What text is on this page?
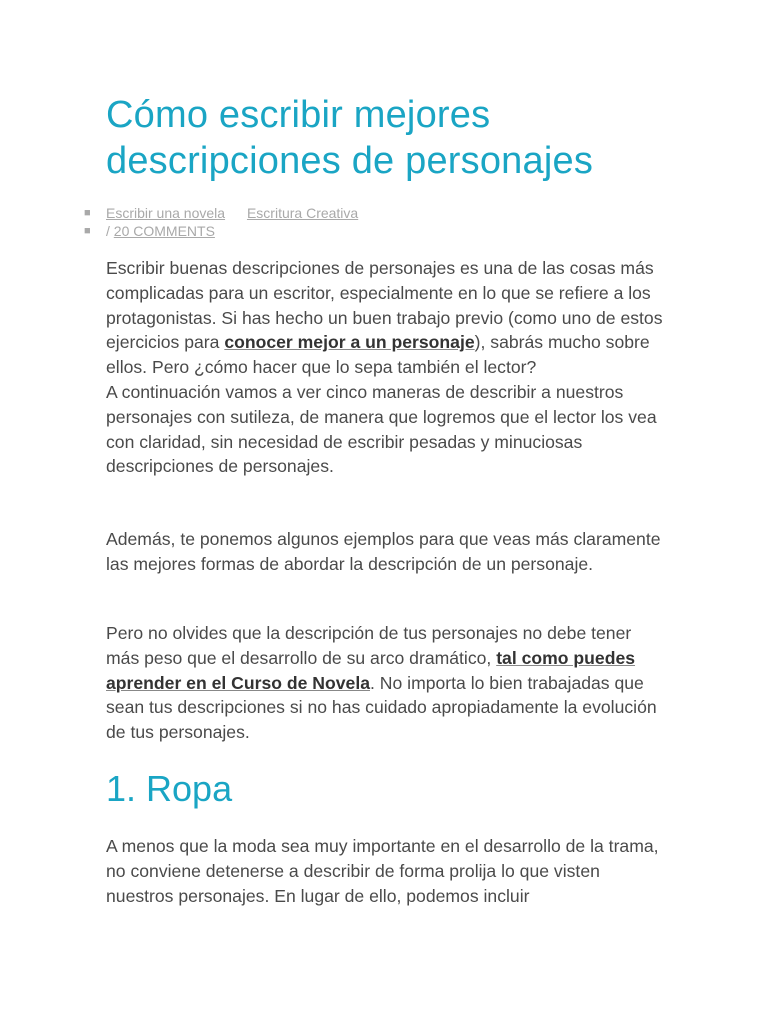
Cómo escribir mejores descripciones de personajes
■ Escribir una novela Escritura Creativa
■ / 20 COMMENTS

Escribir buenas descripciones de personajes es una de las cosas más complicadas para un escritor, especialmente en lo que se refiere a los protagonistas. Si has hecho un buen trabajo previo (como uno de estos ejercicios para conocer mejor a un personaje), sabrás mucho sobre ellos. Pero ¿cómo hacer que lo sepa también el lector?
A continuación vamos a ver cinco maneras de describir a nuestros personajes con sutileza, de manera que logremos que el lector los vea con claridad, sin necesidad de escribir pesadas y minuciosas descripciones de personajes.

Además, te ponemos algunos ejemplos para que veas más claramente las mejores formas de abordar la descripción de un personaje.

Pero no olvides que la descripción de tus personajes no debe tener más peso que el desarrollo de su arco dramático, tal como puedes aprender en el Curso de Novela. No importa lo bien trabajadas que sean tus descripciones si no has cuidado apropiadamente la evolución de tus personajes.

1. Ropa

A menos que la moda sea muy importante en el desarrollo de la trama, no conviene detenerse a describir de forma prolija lo que visten nuestros personajes. En lugar de ello, podemos incluir
